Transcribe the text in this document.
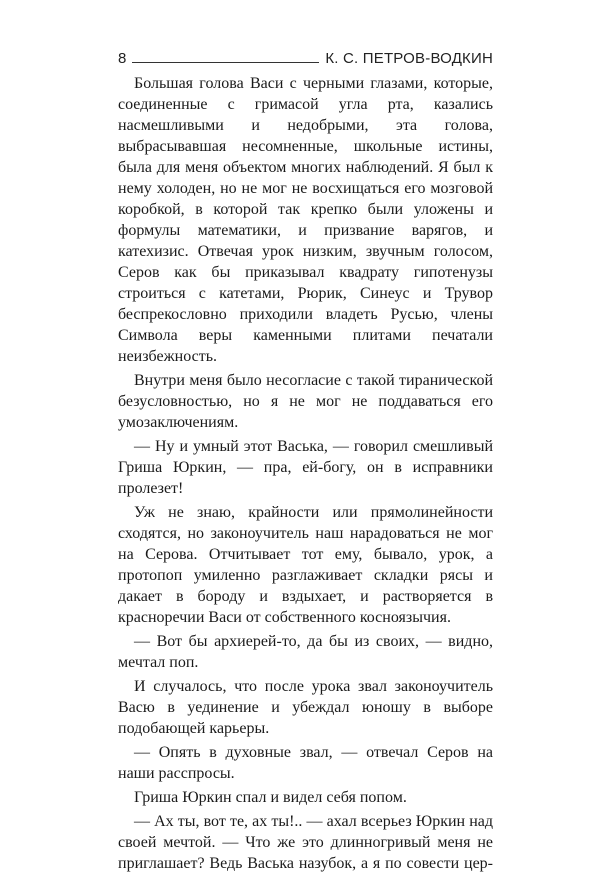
8	К. С. ПЕТРОВ-ВОДКИН

Большая голова Васи с черными глазами, которые, соединенные с гримасой угла рта, казались насмешливыми и недобрыми, эта голова, выбрасывавшая несомненные, школьные истины, была для меня объектом многих наблюдений. Я был к нему холоден, но не мог не восхищаться его мозговой коробкой, в которой так крепко были уложены и формулы математики, и призвание варягов, и катехизис. Отвечая урок низким, звучным голосом, Серов как бы приказывал квадрату гипотенузы строиться с катетами, Рюрик, Синеус и Трувор беспрекословно приходили владеть Русью, члены Символа веры каменными плитами печатали неизбежность.

Внутри меня было несогласие с такой тиранической безусловностью, но я не мог не поддаваться его умозаключениям.

— Ну и умный этот Васька, — говорил смешливый Гриша Юркин, — пра, ей-богу, он в исправники пролезет!

Уж не знаю, крайности или прямолинейности сходятся, но законоучитель наш нарадоваться не мог на Серова. Отчитывает тот ему, бывало, урок, а протопоп умиленно разглаживает складки рясы и дакает в бороду и вздыхает, и растворяется в красноречии Васи от собственного косноязычия.

— Вот бы архиерей-то, да бы из своих, — видно, мечтал поп.

И случалось, что после урока звал законоучитель Васю в уединение и убеждал юношу в выборе подобающей карьеры.

— Опять в духовные звал, — отвечал Серов на наши расспросы.

Гриша Юркин спал и видел себя попом.

— Ах ты, вот те, ах ты!.. — ахал всерьез Юркин над своей мечтой. — Что же это длинногривый меня не приглашает? Ведь Васька назубок, а я по совести цер-
